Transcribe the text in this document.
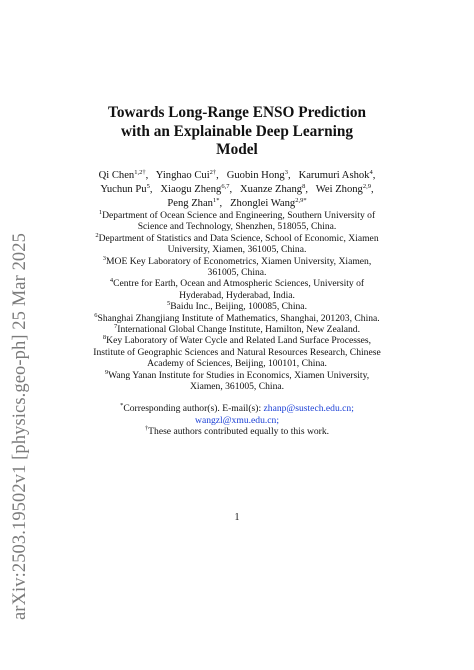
arXiv:2503.19502v1 [physics.geo-ph] 25 Mar 2025
Towards Long-Range ENSO Prediction
with an Explainable Deep Learning
Model
Qi Chen$^{1,2\dagger}$,   Yinghao Cui$^{2\dagger}$,   Guobin Hong$^3$,   Karumuri Ashok$^4$,
Yuchun Pu$^5$,   Xiaogu Zheng$^{6,7}$,   Xuanze Zhang$^8$,   Wei Zhong$^{2,9}$,
Peng Zhan$^{1*}$,   Zhonglei Wang$^{2,9*}$
$^1$Department of Ocean Science and Engineering, Southern University of
Science and Technology, Shenzhen, 518055, China.
$^2$Department of Statistics and Data Science, School of Economic, Xiamen
University, Xiamen, 361005, China.
$^3$MOE Key Laboratory of Econometrics, Xiamen University, Xiamen,
361005, China.
$^4$Centre for Earth, Ocean and Atmospheric Sciences, University of
Hyderabad, Hyderabad, India.
$^5$Baidu Inc., Beijing, 100085, China.
$^6$Shanghai Zhangjiang Institute of Mathematics, Shanghai, 201203, China.
$^7$International Global Change Institute, Hamilton, New Zealand.
$^8$Key Laboratory of Water Cycle and Related Land Surface Processes,
Institute of Geographic Sciences and Natural Resources Research, Chinese
Academy of Sciences, Beijing, 100101, China.
$^9$Wang Yanan Institute for Studies in Economics, Xiamen University,
Xiamen, 361005, China.
*Corresponding author(s). E-mail(s): zhanp@sustech.edu.cn;
wangzl@xmu.edu.cn;
†These authors contributed equally to this work.
1
